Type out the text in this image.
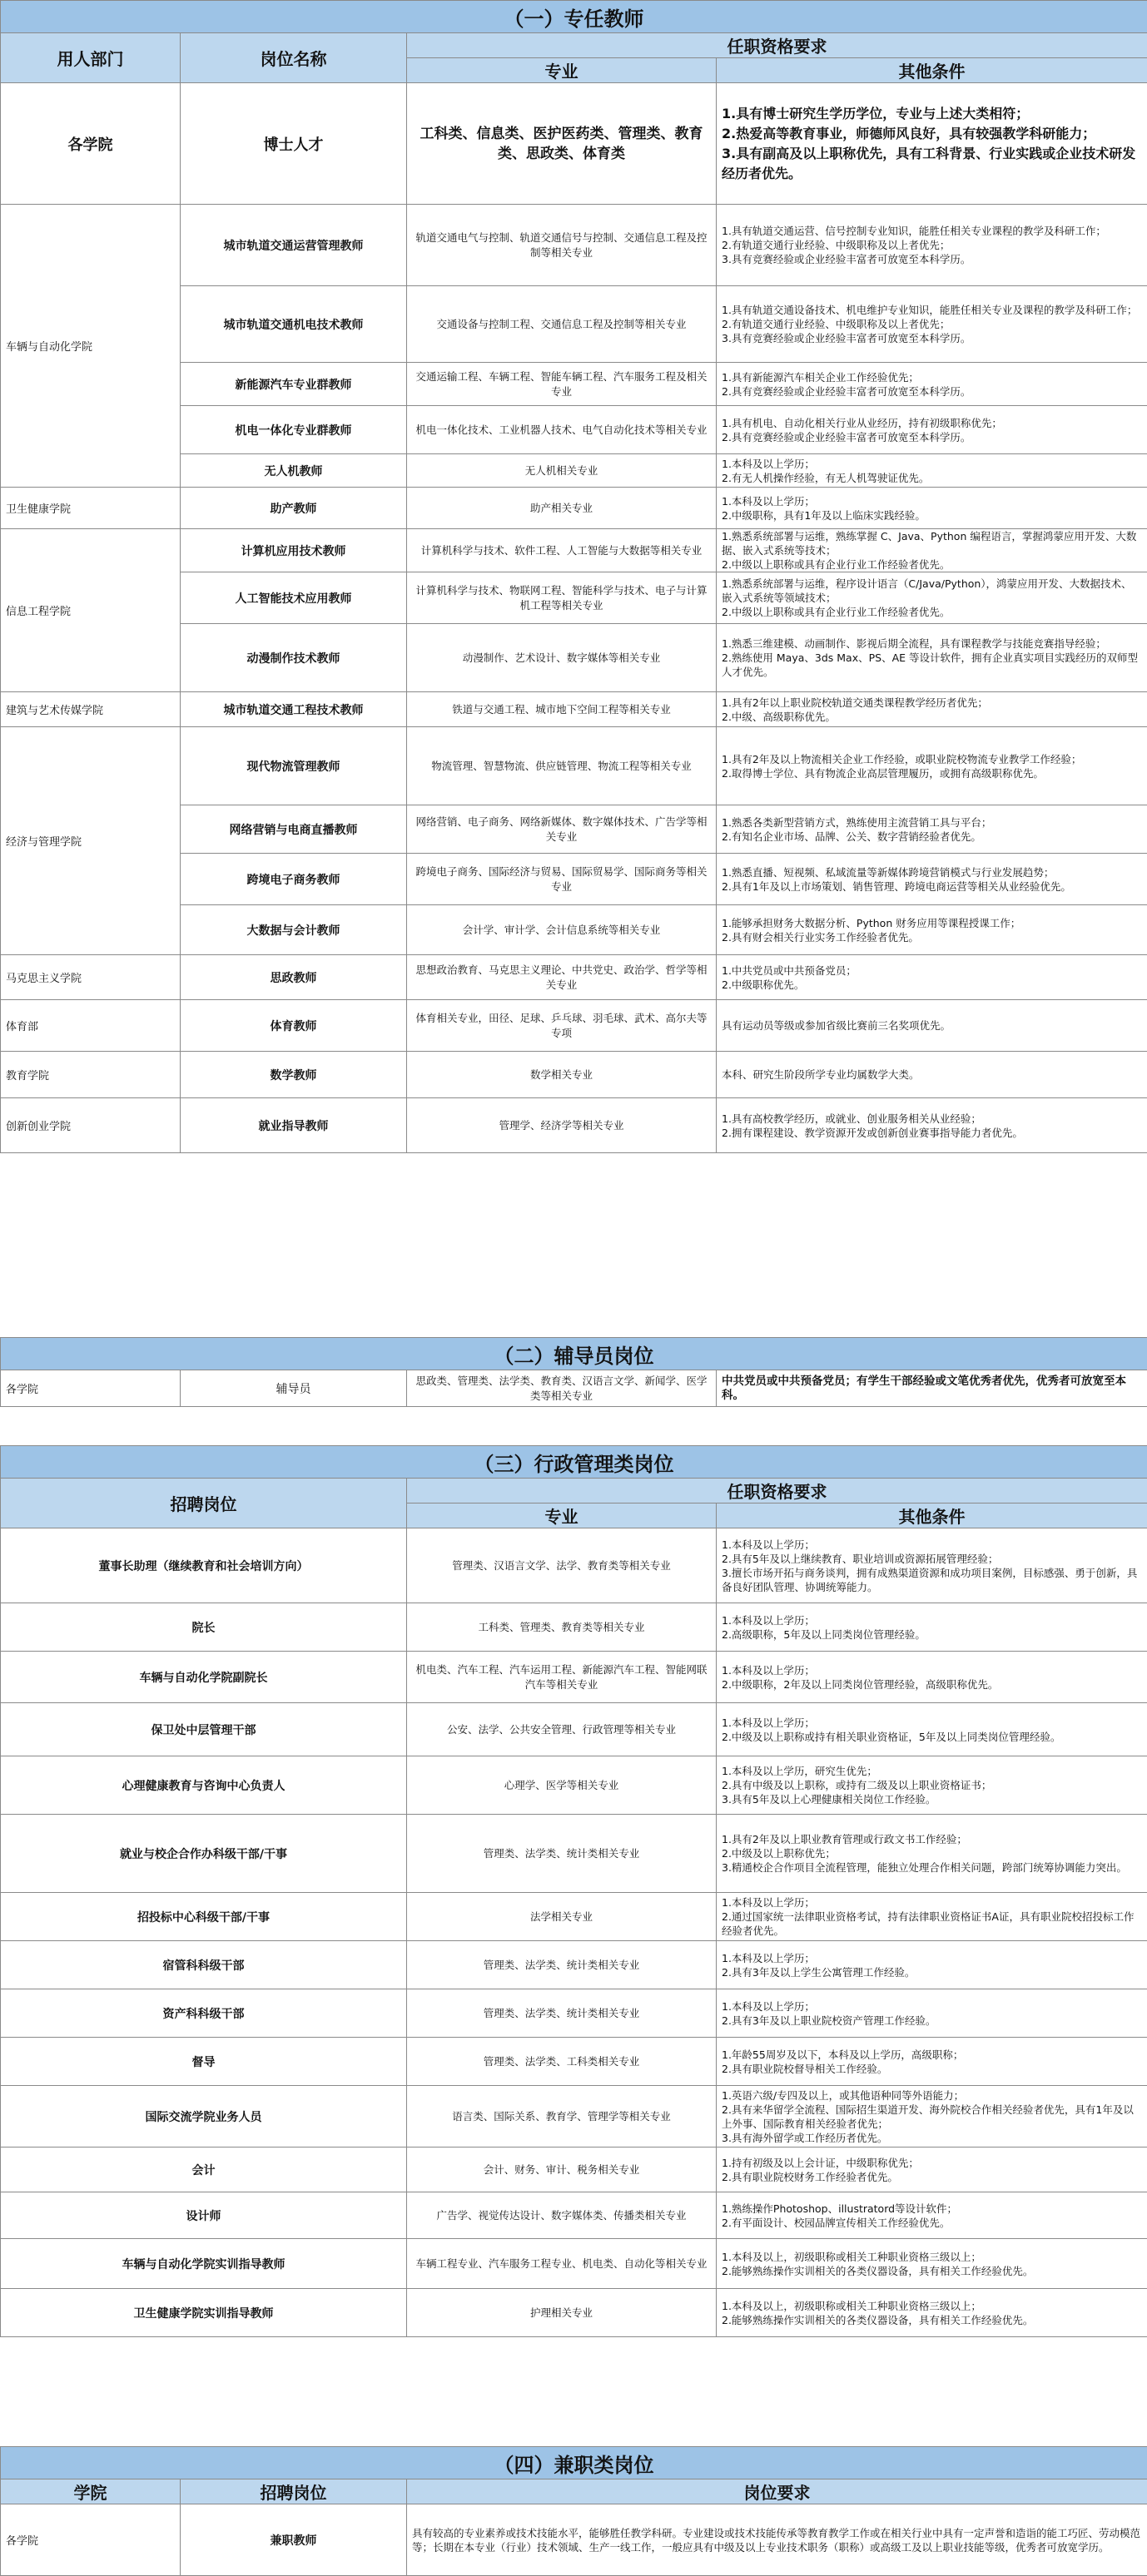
（一）专任教师			
用人部门	岗位名称	任职资格要求	
		专业	其他条件
各学院	博士人才	工科类、信息类、医护医药类、管理类、教育类、思政类、体育类	1.具有博士研究生学历学位，专业与上述大类相符；
2.热爱高等教育事业，师德师风良好，具有较强教学科研能力；
3.具有副高及以上职称优先，具有工科背景、行业实践或企业技术研发经历者优先。

车辆与自动化学院	城市轨道交通运营管理教师	轨道交通电气与控制、轨道交通信号与控制、交通信息工程及控制等相关专业	1.具有轨道交通运营、信号控制专业知识，能胜任相关专业课程的教学及科研工作；
2.有轨道交通行业经验、中级职称及以上者优先；
3.具有竞赛经验或企业经验丰富者可放宽至本科学历。

	城市轨道交通机电技术教师	交通设备与控制工程、交通信息工程及控制等相关专业	1.具有轨道交通设备技术、机电维护专业知识，能胜任相关专业及课程的教学及科研工作；
2.有轨道交通行业经验、中级职称及以上者优先；
3.具有竞赛经验或企业经验丰富者可放宽至本科学历。

	新能源汽车专业群教师	交通运输工程、车辆工程、智能车辆工程、汽车服务工程及相关专业	1.具有新能源汽车相关企业工作经验优先；
2.具有竞赛经验或企业经验丰富者可放宽至本科学历。

	机电一体化专业群教师	机电一体化技术、工业机器人技术、电气自动化技术等相关专业	1.具有机电、自动化相关行业从业经历，持有初级职称优先；
2.具有竞赛经验或企业经验丰富者可放宽至本科学历。

	无人机教师	无人机相关专业	1.本科及以上学历；
2.有无人机操作经验，有无人机驾驶证优先。

卫生健康学院	助产教师	助产相关专业	1.本科及以上学历；
2.中级职称，具有1年及以上临床实践经验。

信息工程学院	计算机应用技术教师	计算机科学与技术、软件工程、人工智能与大数据等相关专业	1.熟悉系统部署与运维，熟练掌握 C、Java、Python 编程语言，掌握鸿蒙应用开发、大数据、嵌入式系统等技术；
2.中级以上职称或具有企业行业工作经验者优先。

	人工智能技术应用教师	计算机科学与技术、物联网工程、智能科学与技术、电子与计算机工程等相关专业	1.熟悉系统部署与运维，程序设计语言（C/Java/Python），鸿蒙应用开发、大数据技术、嵌入式系统等领域技术；
2.中级以上职称或具有企业行业工作经验者优先。

	动漫制作技术教师	动漫制作、艺术设计、数字媒体等相关专业	1.熟悉三维建模、动画制作、影视后期全流程，具有课程教学与技能竞赛指导经验；
2.熟练使用 Maya、3ds Max、PS、AE 等设计软件，拥有企业真实项目实践经历的双师型人才优先。

建筑与艺术传媒学院	城市轨道交通工程技术教师	铁道与交通工程、城市地下空间工程等相关专业	1.具有2年以上职业院校轨道交通类课程教学经历者优先；
2.中级、高级职称优先。

经济与管理学院	现代物流管理教师	物流管理、智慧物流、供应链管理、物流工程等相关专业	1.具有2年及以上物流相关企业工作经验，或职业院校物流专业教学工作经验；
2.取得博士学位、具有物流企业高层管理履历，或拥有高级职称优先。

	网络营销与电商直播教师	网络营销、电子商务、网络新媒体、数字媒体技术、广告学等相关专业	1.熟悉各类新型营销方式，熟练使用主流营销工具与平台；
2.有知名企业市场、品牌、公关、数字营销经验者优先。

	跨境电子商务教师	跨境电子商务、国际经济与贸易、国际贸易学、国际商务等相关专业	1.熟悉直播、短视频、私域流量等新媒体跨境营销模式与行业发展趋势；
2.具有1年及以上市场策划、销售管理、跨境电商运营等相关从业经验优先。

	大数据与会计教师	会计学、审计学、会计信息系统等相关专业	1.能够承担财务大数据分析、Python 财务应用等课程授课工作；
2.具有财会相关行业实务工作经验者优先。

马克思主义学院	思政教师	思想政治教育、马克思主义理论、中共党史、政治学、哲学等相关专业	1.中共党员或中共预备党员；
2.中级职称优先。

体育部	体育教师	体育相关专业，田径、足球、乒乓球、羽毛球、武术、高尔夫等专项	具有运动员等级或参加省级比赛前三名奖项优先。

教育学院	数学教师	数学相关专业	本科、研究生阶段所学专业均属数学大类。

创新创业学院	就业指导教师	管理学、经济学等相关专业	1.具有高校教学经历，或就业、创业服务相关从业经验；
2.拥有课程建设、教学资源开发或创新创业赛事指导能力者优先。
（二）辅导员岗位
各学院	辅导员	思政类、管理类、法学类、教育类、汉语言文学、新闻学、医学类等相关专业	中共党员或中共预备党员；有学生干部经验或文笔优秀者优先，优秀者可放宽至本科。
（三）行政管理类岗位		
招聘岗位	任职资格要求	
	专业	其他条件
董事长助理（继续教育和社会培训方向）	管理类、汉语言文学、法学、教育类等相关专业	1.本科及以上学历；
2.具有5年及以上继续教育、职业培训或资源拓展管理经验；
3.擅长市场开拓与商务谈判，拥有成熟渠道资源和成功项目案例，目标感强、勇于创新，具备良好团队管理、协调统筹能力。

院长	工科类、管理类、教育类等相关专业	1.本科及以上学历；
2.高级职称，5年及以上同类岗位管理经验。

车辆与自动化学院副院长	机电类、汽车工程、汽车运用工程、新能源汽车工程、智能网联汽车等相关专业	1.本科及以上学历；
2.中级职称，2年及以上同类岗位管理经验，高级职称优先。

保卫处中层管理干部	公安、法学、公共安全管理、行政管理等相关专业	1.本科及以上学历；
2.中级及以上职称或持有相关职业资格证，5年及以上同类岗位管理经验。

心理健康教育与咨询中心负责人	心理学、医学等相关专业	1.本科及以上学历，研究生优先；
2.具有中级及以上职称，或持有二级及以上职业资格证书；
3.具有5年及以上心理健康相关岗位工作经验。

就业与校企合作办科级干部/干事	管理类、法学类、统计类相关专业	1.具有2年及以上职业教育管理或行政文书工作经验；
2.中级及以上职称优先；
3.精通校企合作项目全流程管理，能独立处理合作相关问题，跨部门统筹协调能力突出。

招投标中心科级干部/干事	法学相关专业	1.本科及以上学历；
2.通过国家统一法律职业资格考试，持有法律职业资格证书A证，具有职业院校招投标工作经验者优先。

宿管科科级干部	管理类、法学类、统计类相关专业	1.本科及以上学历；
2.具有3年及以上学生公寓管理工作经验。

资产科科级干部	管理类、法学类、统计类相关专业	1.本科及以上学历；
2.具有3年及以上职业院校资产管理工作经验。

督导	管理类、法学类、工科类相关专业	1.年龄55周岁及以下，本科及以上学历，高级职称；
2.具有职业院校督导相关工作经验。

国际交流学院业务人员	语言类、国际关系、教育学、管理学等相关专业	1.英语六级/专四及以上，或其他语种同等外语能力；
2.具有来华留学全流程、国际招生渠道开发、海外院校合作相关经验者优先，具有1年及以上外事、国际教育相关经验者优先；
3.具有海外留学或工作经历者优先。

会计	会计、财务、审计、税务相关专业	1.持有初级及以上会计证，中级职称优先；
2.具有职业院校财务工作经验者优先。

设计师	广告学、视觉传达设计、数字媒体类、传播类相关专业	1.熟练操作Photoshop、illustratord等设计软件；
2.有平面设计、校园品牌宣传相关工作经验优先。

车辆与自动化学院实训指导教师	车辆工程专业、汽车服务工程专业、机电类、自动化等相关专业	1.本科及以上，初级职称或相关工种职业资格三级以上；
2.能够熟练操作实训相关的各类仪器设备，具有相关工作经验优先。

卫生健康学院实训指导教师	护理相关专业	1.本科及以上，初级职称或相关工种职业资格三级以上；
2.能够熟练操作实训相关的各类仪器设备，具有相关工作经验优先。
（四）兼职类岗位		
学院	招聘岗位	岗位要求
各学院	兼职教师	具有较高的专业素养或技术技能水平，能够胜任教学科研。专业建设或技术技能传承等教育教学工作或在相关行业中具有一定声誉和造诣的能工巧匠、劳动模范等；长期在本专业（行业）技术领域、生产一线工作，一般应具有中级及以上专业技术职务（职称）或高级工及以上职业技能等级，优秀者可放宽学历。
